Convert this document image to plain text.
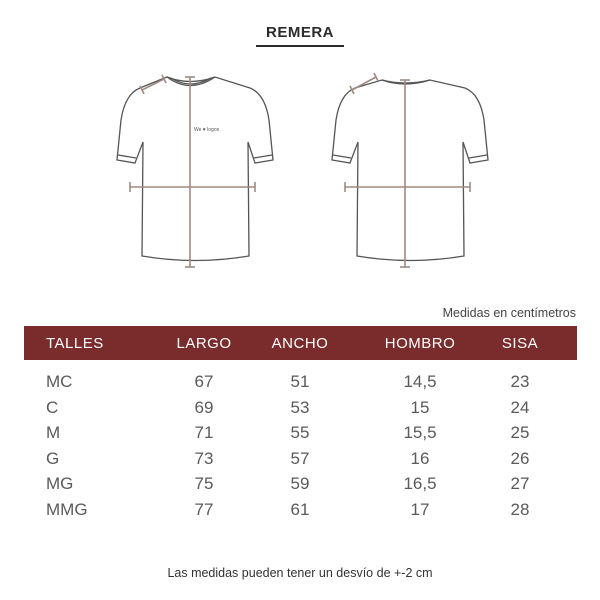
REMERA
We ♥ logos
Medidas en centímetros
TALLES	LARGO	ANCHO	HOMBRO	SISA
MC	67	51	14,5	23
C	69	53	15	24
M	71	55	15,5	25
G	73	57	16	26
MG	75	59	16,5	27
MMG	77	61	17	28
Las medidas pueden tener un desvío de +-2 cm
